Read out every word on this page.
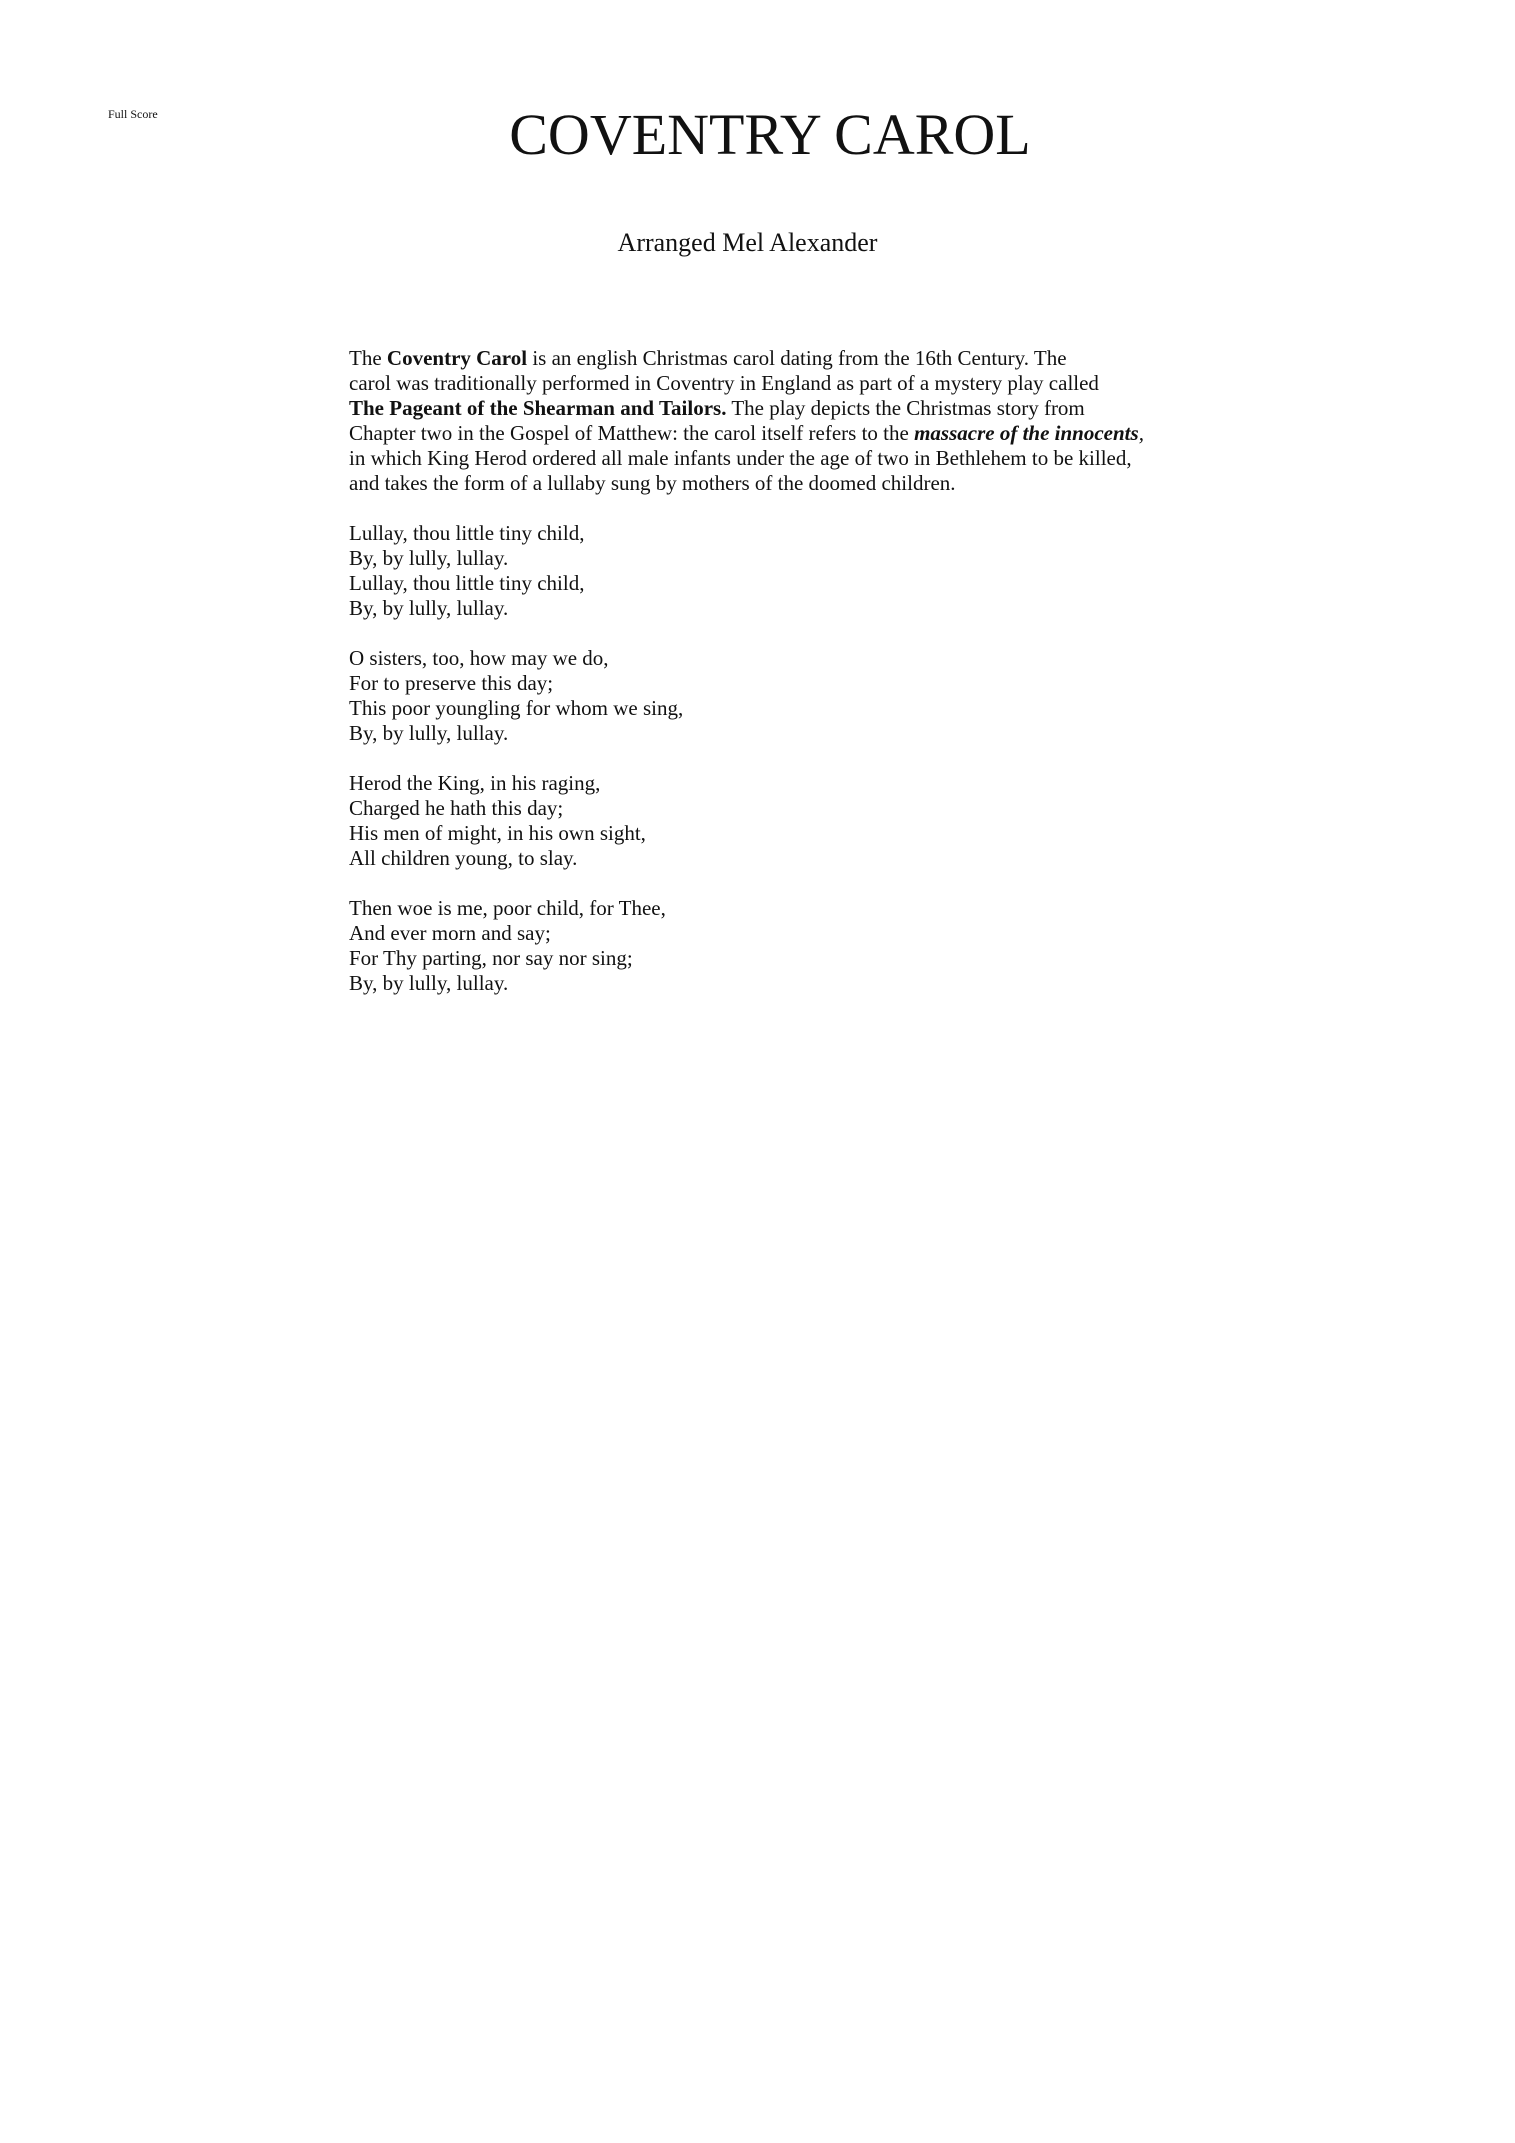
Full Score	COVENTRY CAROL
Arranged Mel Alexander
The Coventry Carol is an english Christmas carol dating from the 16th Century. The
carol was traditionally performed in Coventry in England as part of a mystery play called
The Pageant of the Shearman and Tailors. The play depicts the Christmas story from
Chapter two in the Gospel of Matthew: the carol itself refers to the massacre of the innocents,
in which King Herod ordered all male infants under the age of two in Bethlehem to be killed,
and takes the form of a lullaby sung by mothers of the doomed children.
Lullay, thou little tiny child,
By, by lully, lullay.
Lullay, thou little tiny child,
By, by lully, lullay.
O sisters, too, how may we do,
For to preserve this day;
This poor youngling for whom we sing,
By, by lully, lullay.
Herod the King, in his raging,
Charged he hath this day;
His men of might, in his own sight,
All children young, to slay.
Then woe is me, poor child, for Thee,
And ever morn and say;
For Thy parting, nor say nor sing;
By, by lully, lullay.
